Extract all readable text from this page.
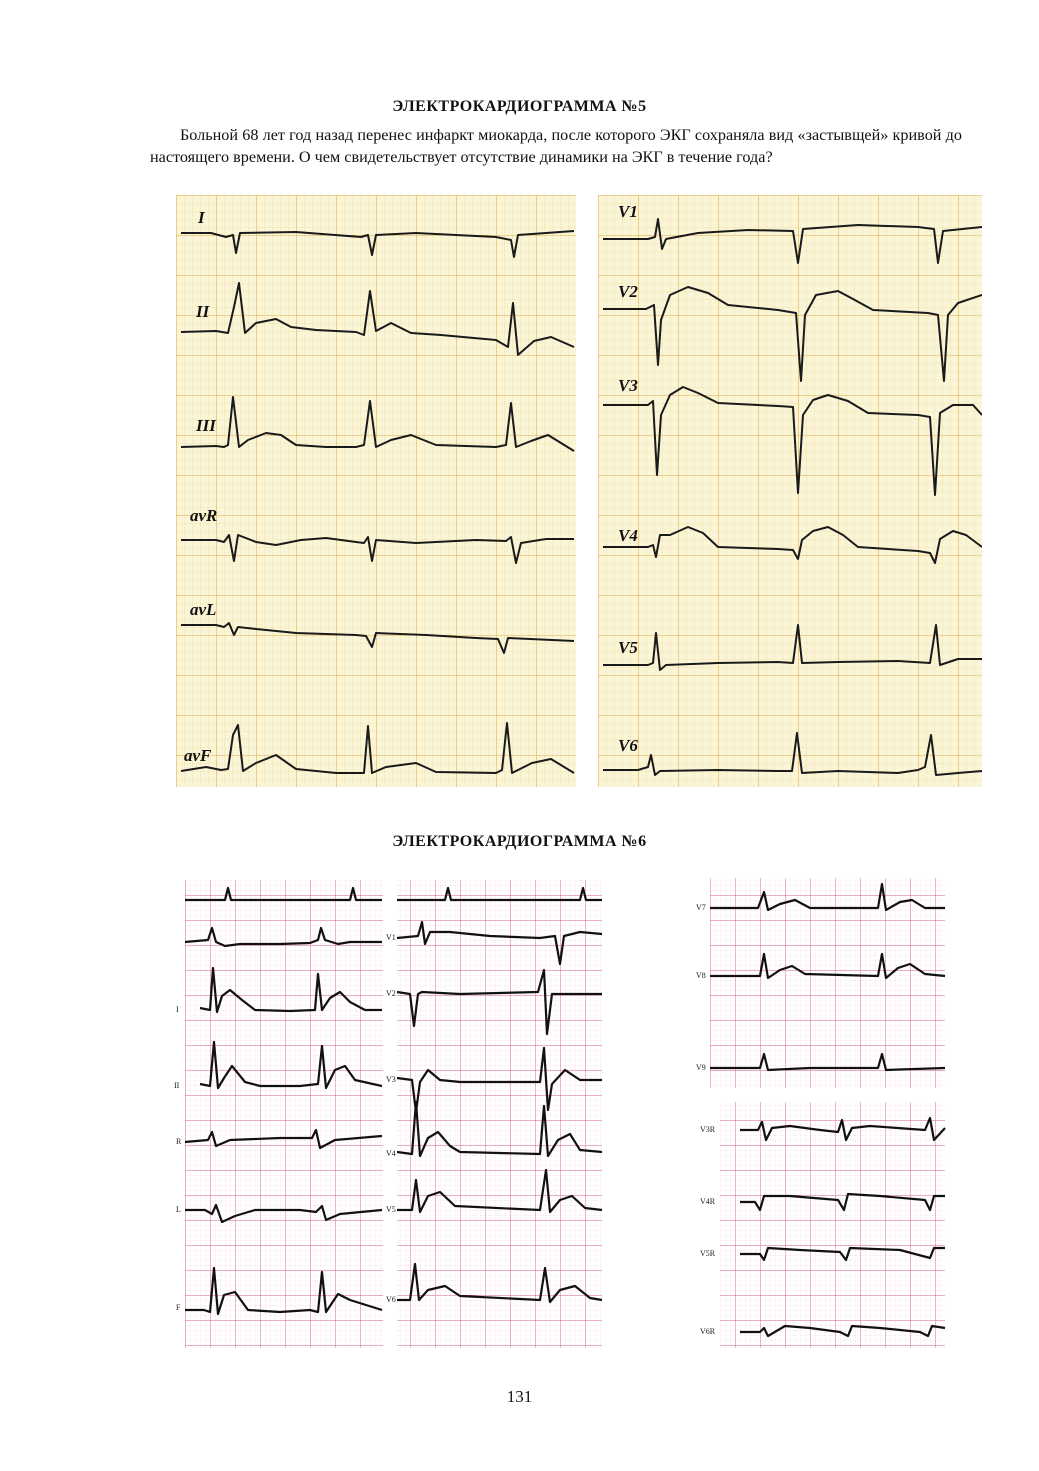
ЭЛЕКТРОКАРДИОГРАММА №5
Больной 68 лет год назад перенес инфаркт миокарда, после которого ЭКГ сохраняла вид «застывщей» кривой до настоящего времени. О чем свидетельствует отсутствие динамики на ЭКГ в течение года?
I
II
III
avR
avL
avF
V1
V2
V3
V4
V5
V6
ЭЛЕКТРОКАРДИОГРАММА №6
I
II
R
L
F
V1
V2
V3
V4
V5
V6
V7
V8
V9
V3R
V4R
V5R
V6R
131
